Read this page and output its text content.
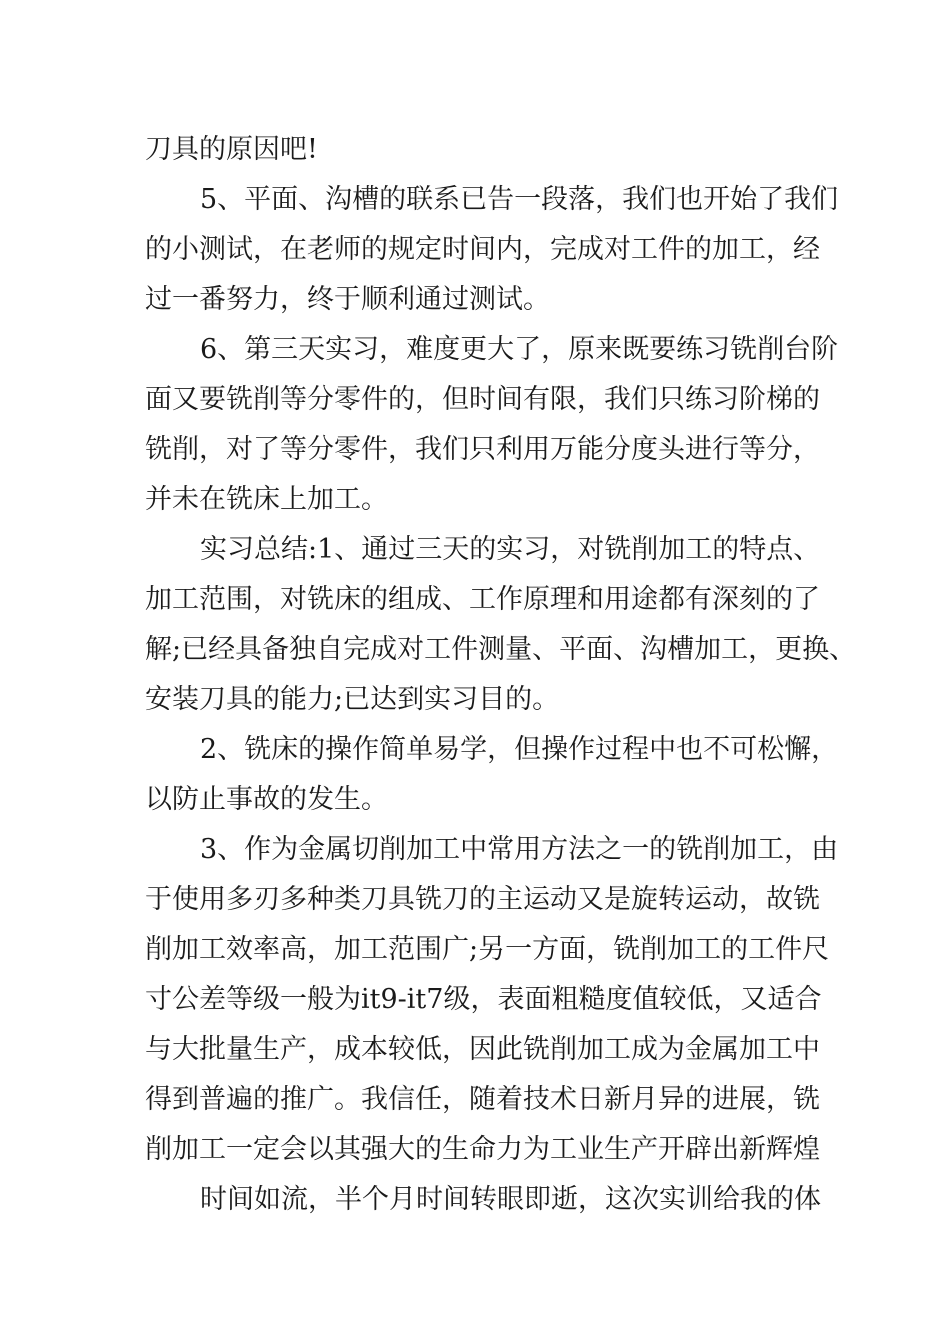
刀具的原因吧!
5、平面、沟槽的联系已告一段落，我们也开始了我们
的小测试，在老师的规定时间内，完成对工件的加工，经
过一番努力，终于顺利通过测试。
6、第三天实习，难度更大了，原来既要练习铣削台阶
面又要铣削等分零件的，但时间有限，我们只练习阶梯的
铣削，对了等分零件，我们只利用万能分度头进行等分，
并未在铣床上加工。
实习总结:1、通过三天的实习，对铣削加工的特点、
加工范围，对铣床的组成、工作原理和用途都有深刻的了
解;已经具备独自完成对工件测量、平面、沟槽加工，更换、
安装刀具的能力;已达到实习目的。
2、铣床的操作简单易学，但操作过程中也不可松懈，
以防止事故的发生。
3、作为金属切削加工中常用方法之一的铣削加工，由
于使用多刃多种类刀具铣刀的主运动又是旋转运动，故铣
削加工效率高，加工范围广;另一方面，铣削加工的工件尺
寸公差等级一般为it9-it7级，表面粗糙度值较低，又适合
与大批量生产，成本较低，因此铣削加工成为金属加工中
得到普遍的推广。我信任，随着技术日新月异的进展，铣
削加工一定会以其强大的生命力为工业生产开辟出新辉煌
时间如流，半个月时间转眼即逝，这次实训给我的体
